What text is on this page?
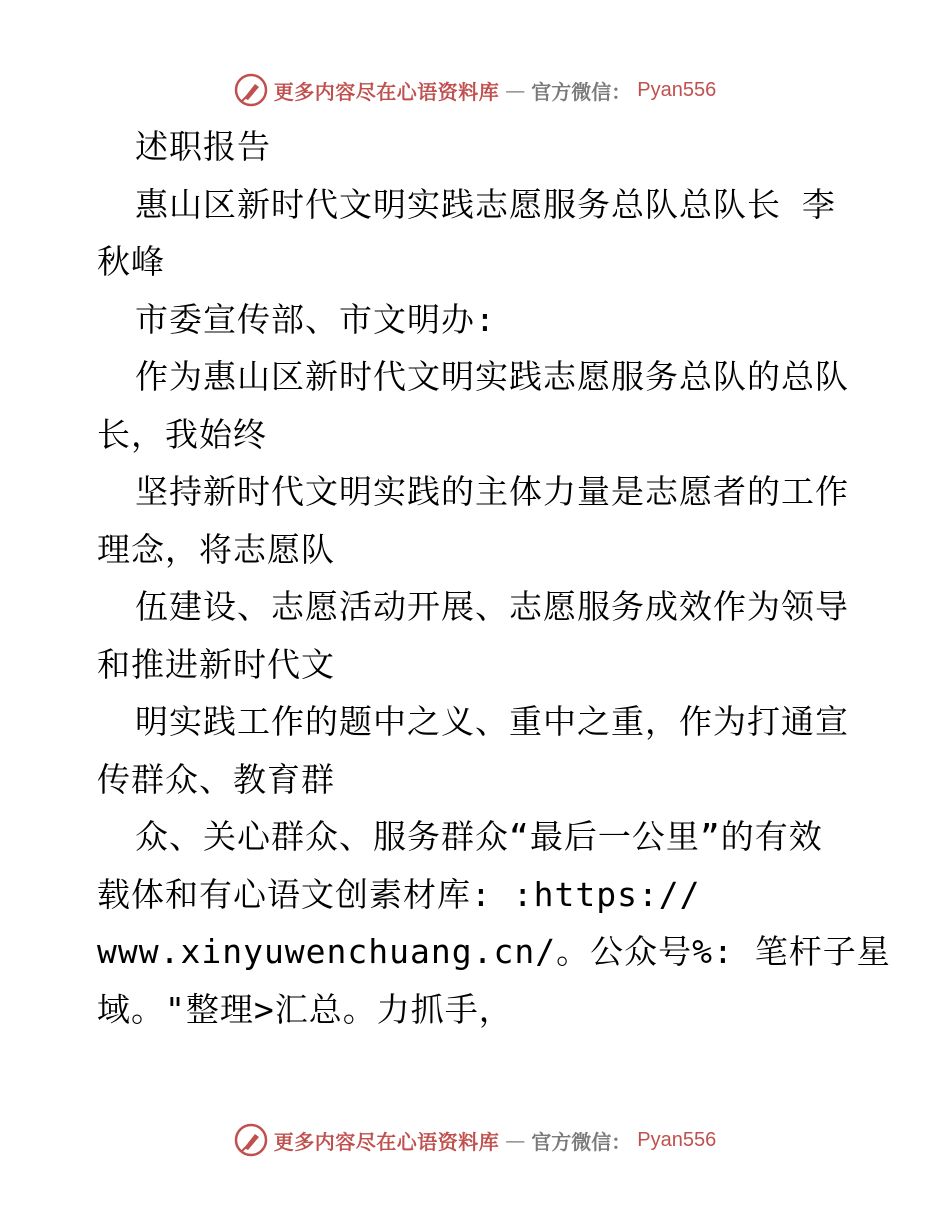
更多内容尽在心语资料库 — 官方微信： Pyan556
述职报告
惠山区新时代文明实践志愿服务总队总队长 李
秋峰
市委宣传部、市文明办:
作为惠山区新时代文明实践志愿服务总队的总队
长，我始终
坚持新时代文明实践的主体力量是志愿者的工作
理念，将志愿队
伍建设、志愿活动开展、志愿服务成效作为领导
和推进新时代文
明实践工作的题中之义、重中之重，作为打通宣
传群众、教育群
众、关心群众、服务群众“最后一公里”的有效
载体和有心语文创素材库: :https://
www.xinyuwenchuang.cn/。公众号%: 笔杆子星
域。"整理>汇总。力抓手，
更多内容尽在心语资料库 — 官方微信： Pyan556
